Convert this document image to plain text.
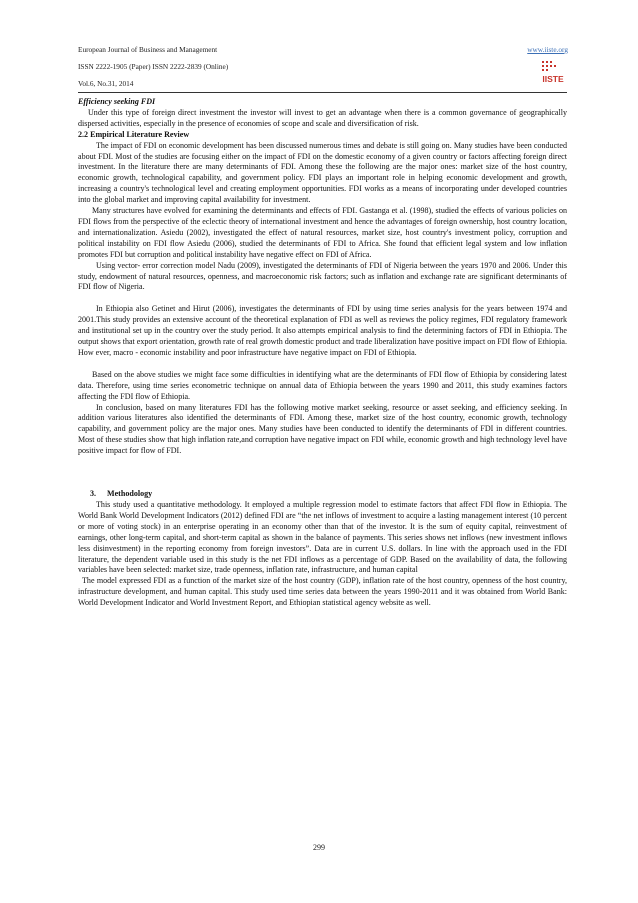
European Journal of Business and Management
ISSN 2222-1905 (Paper) ISSN 2222-2839 (Online)
Vol.6, No.31, 2014
www.iiste.org
IISTE

Efficiency seeking FDI

Under this type of foreign direct investment the investor will invest to get an advantage when there is a common governance of geographically dispersed activities, especially in the presence of economies of scope and scale and diversification of risk.

2.2 Empirical Literature Review

The impact of FDI on economic development has been discussed numerous times and debate is still going on. Many studies have been conducted about FDI. Most of the studies are focusing either on the impact of FDI on the domestic economy of a given country or factors affecting foreign direct investment. In the literature there are many determinants of FDI. Among these the following are the major ones: market size of the host country, economic growth, technological capability, and government policy. FDI plays an important role in helping economic development and growth, increasing a country's technological level and creating employment opportunities. FDI works as a means of incorporating under developed countries into the global market and improving capital availability for investment.

Many structures have evolved for examining the determinants and effects of FDI. Gastanga et al. (1998), studied the effects of various policies on FDI flows from the perspective of the eclectic theory of international investment and hence the advantages of foreign ownership, host country location, and internationalization. Asiedu (2002), investigated the effect of natural resources, market size, host country's investment policy, corruption and political instability on FDI flow Asiedu (2006), studied the determinants of FDI to Africa. She found that efficient legal system and low inflation promotes FDI but corruption and political instability have negative effect on FDI of Africa.

Using vector- error correction model Nadu (2009), investigated the determinants of FDI of Nigeria between the years 1970 and 2006. Under this study, endowment of natural resources, openness, and macroeconomic risk factors; such as inflation and exchange rate are significant determinants of FDI flow of Nigeria.

In Ethiopia also Getinet and Hirut (2006), investigates the determinants of FDI by using time series analysis for the years between 1974 and 2001.This study provides an extensive account of the theoretical explanation of FDI as well as reviews the policy regimes, FDI regulatory framework and institutional set up in the country over the study period. It also attempts empirical analysis to find the determining factors of FDI in Ethiopia. The output shows that export orientation, growth rate of real growth domestic product and trade liberalization have positive impact on FDI flow of Ethiopia. How ever, macro - economic instability and poor infrastructure have negative impact on FDI of Ethiopia.

Based on the above studies we might face some difficulties in identifying what are the determinants of FDI flow of Ethiopia by considering latest data. Therefore, using time series econometric technique on annual data of Ethiopia between the years 1990 and 2011, this study examines factors affecting the FDI flow of Ethiopia.

In conclusion, based on many literatures FDI has the following motive market seeking, resource or asset seeking, and efficiency seeking. In addition various literatures also identified the determinants of FDI. Among these, market size of the host country, economic growth, technology capability, and government policy are the major ones. Many studies have been conducted to identify the determinants of FDI in different countries. Most of these studies show that high inflation rate,and corruption have negative impact on FDI while, economic growth and high technology level have positive impact for flow of FDI.

3. Methodology

This study used a quantitative methodology. It employed a multiple regression model to estimate factors that affect FDI flow in Ethiopia. The World Bank World Development Indicators (2012) defined FDI are “the net inflows of investment to acquire a lasting management interest (10 percent or more of voting stock) in an enterprise operating in an economy other than that of the investor. It is the sum of equity capital, reinvestment of earnings, other long-term capital, and short-term capital as shown in the balance of payments. This series shows net inflows (new investment inflows less disinvestment) in the reporting economy from foreign investors”. Data are in current U.S. dollars. In line with the approach used in the FDI literature, the dependent variable used in this study is the net FDI inflows as a percentage of GDP. Based on the availability of data, the following variables have been selected: market size, trade openness, inflation rate, infrastructure, and human capital

The model expressed FDI as a function of the market size of the host country (GDP), inflation rate of the host country, openness of the host country, infrastructure development, and human capital. This study used time series data between the years 1990-2011 and it was obtained from World Bank: World Development Indicator and World Investment Report, and Ethiopian statistical agency website as well.

299
